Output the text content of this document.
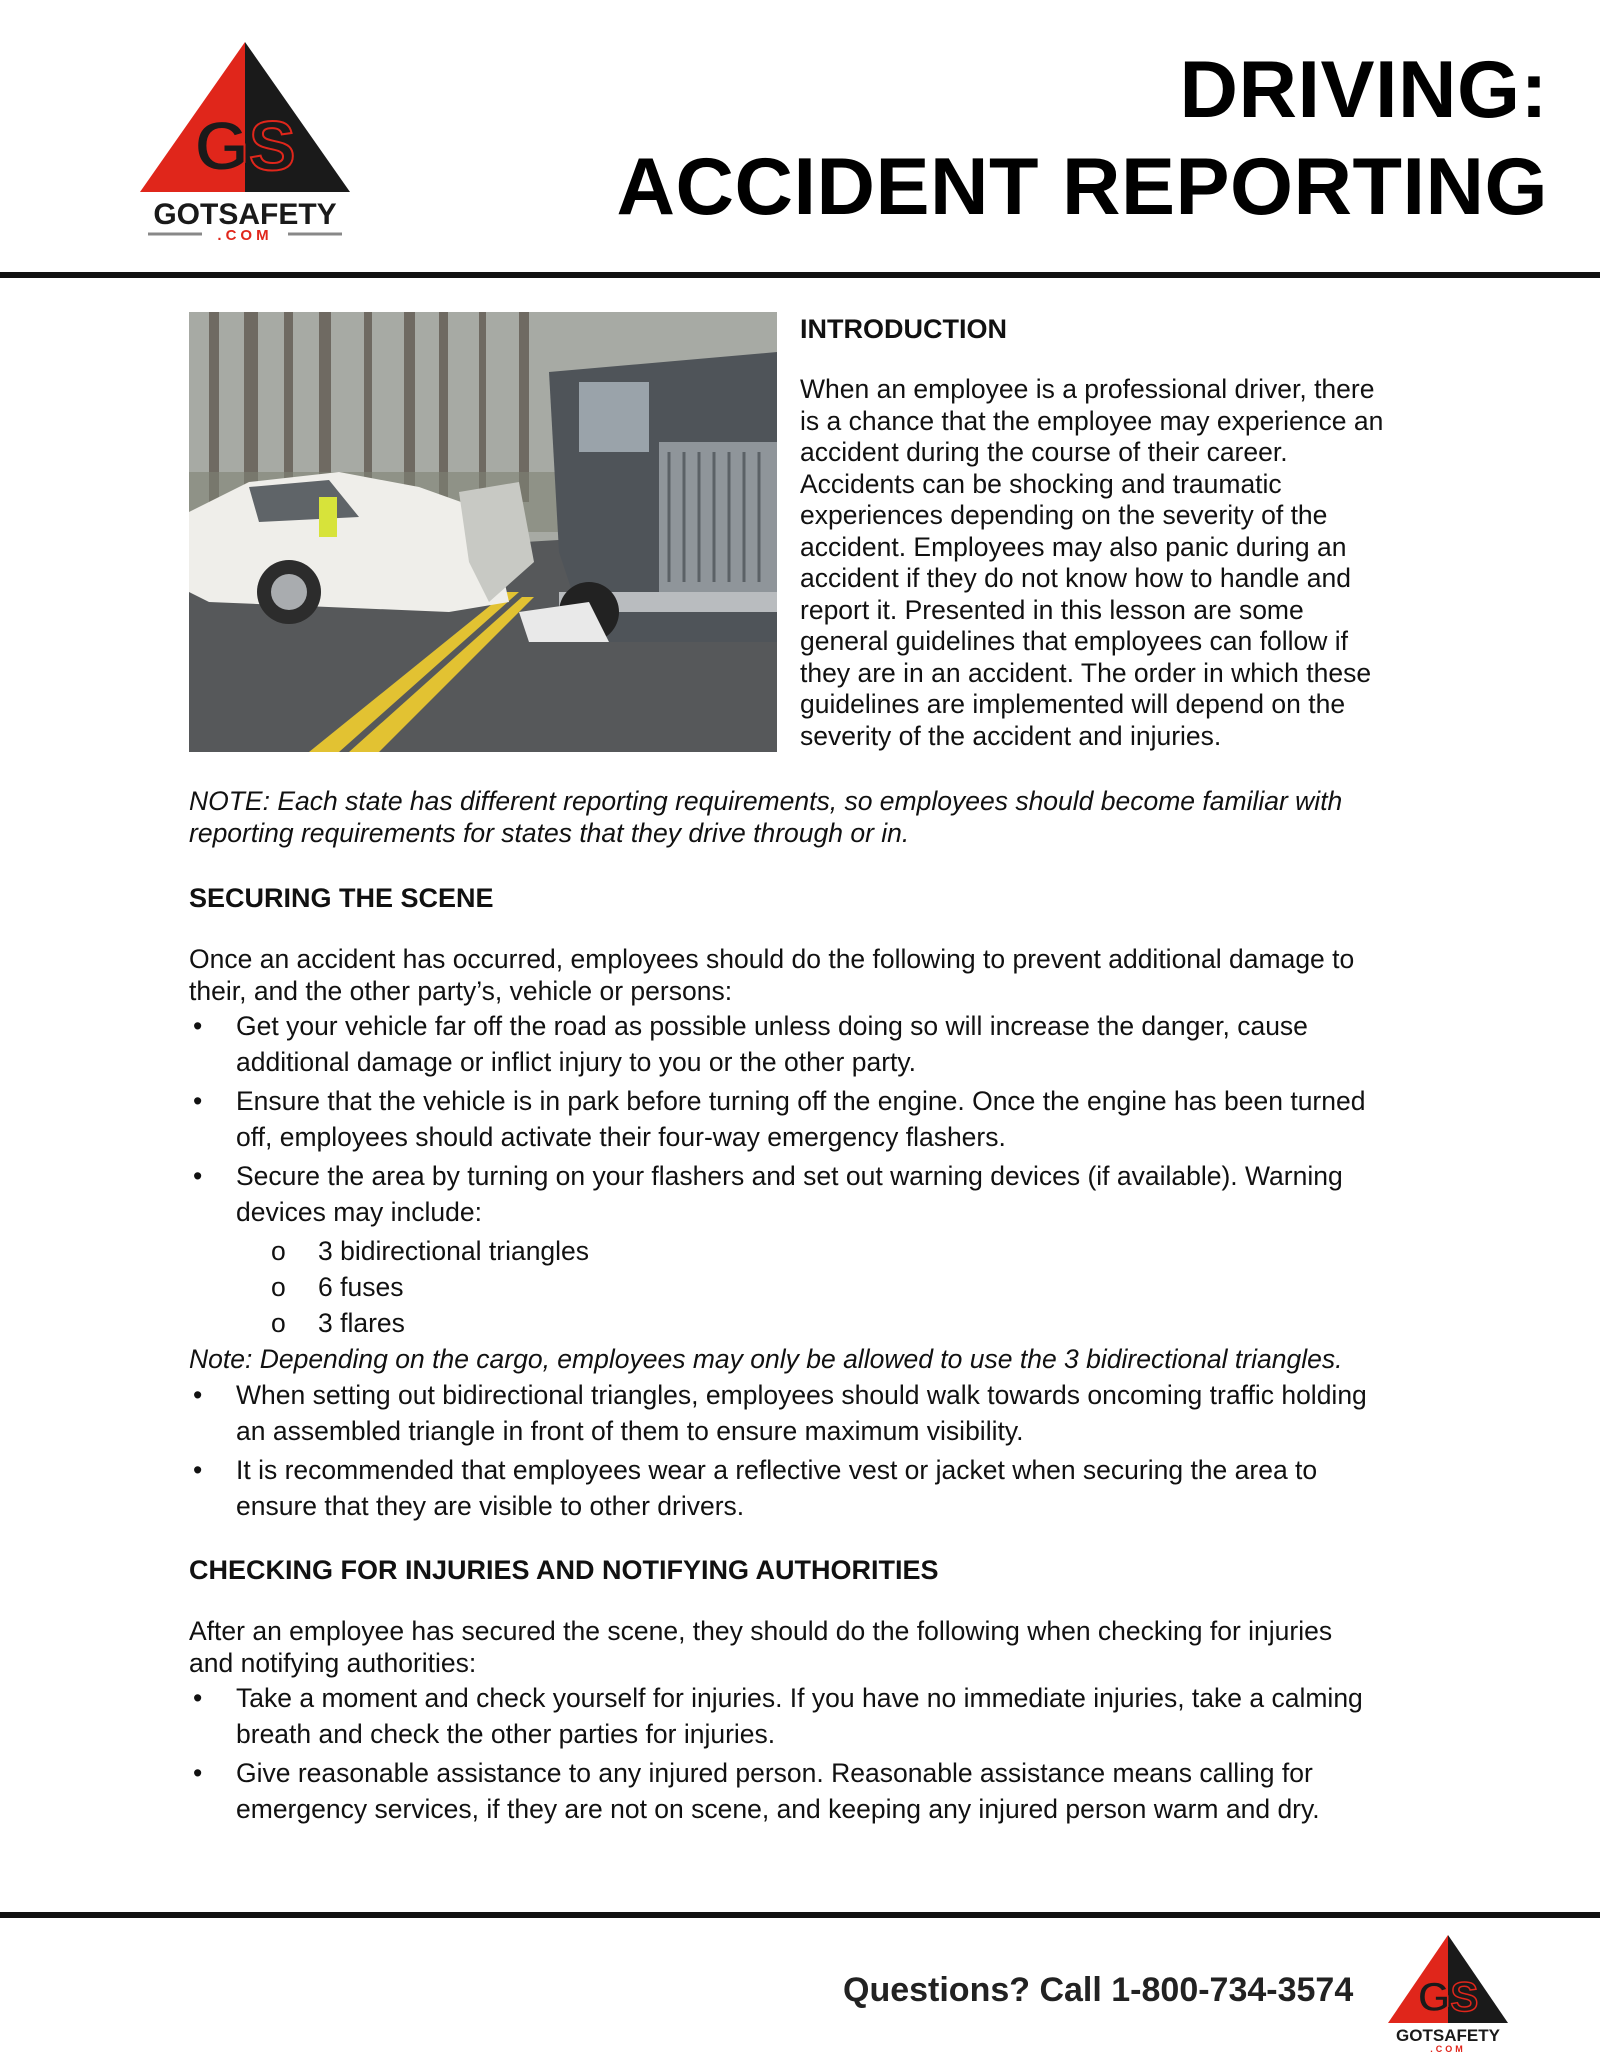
GS
GOTSAFETY
.COM
DRIVING:
ACCIDENT REPORTING
INTRODUCTION
When an employee is a professional driver, there
is a chance that the employee may experience an
accident during the course of their career.
Accidents can be shocking and traumatic
experiences depending on the severity of the
accident. Employees may also panic during an
accident if they do not know how to handle and
report it. Presented in this lesson are some
general guidelines that employees can follow if
they are in an accident. The order in which these
guidelines are implemented will depend on the
severity of the accident and injuries.
NOTE: Each state has different reporting requirements, so employees should become familiar with
reporting requirements for states that they drive through or in.
SECURING THE SCENE
Once an accident has occurred, employees should do the following to prevent additional damage to
their, and the other party’s, vehicle or persons:
• Get your vehicle far off the road as possible unless doing so will increase the danger, cause
additional damage or inflict injury to you or the other party.
• Ensure that the vehicle is in park before turning off the engine. Once the engine has been turned
off, employees should activate their four-way emergency flashers.
• Secure the area by turning on your flashers and set out warning devices (if available). Warning
devices may include:
o 3 bidirectional triangles
o 6 fuses
o 3 flares
Note: Depending on the cargo, employees may only be allowed to use the 3 bidirectional triangles.
• When setting out bidirectional triangles, employees should walk towards oncoming traffic holding
an assembled triangle in front of them to ensure maximum visibility.
• It is recommended that employees wear a reflective vest or jacket when securing the area to
ensure that they are visible to other drivers.
CHECKING FOR INJURIES AND NOTIFYING AUTHORITIES
After an employee has secured the scene, they should do the following when checking for injuries
and notifying authorities:
• Take a moment and check yourself for injuries. If you have no immediate injuries, take a calming
breath and check the other parties for injuries.
• Give reasonable assistance to any injured person. Reasonable assistance means calling for
emergency services, if they are not on scene, and keeping any injured person warm and dry.
Questions? Call 1-800-734-3574 GS
GOTSAFETY
.COM
